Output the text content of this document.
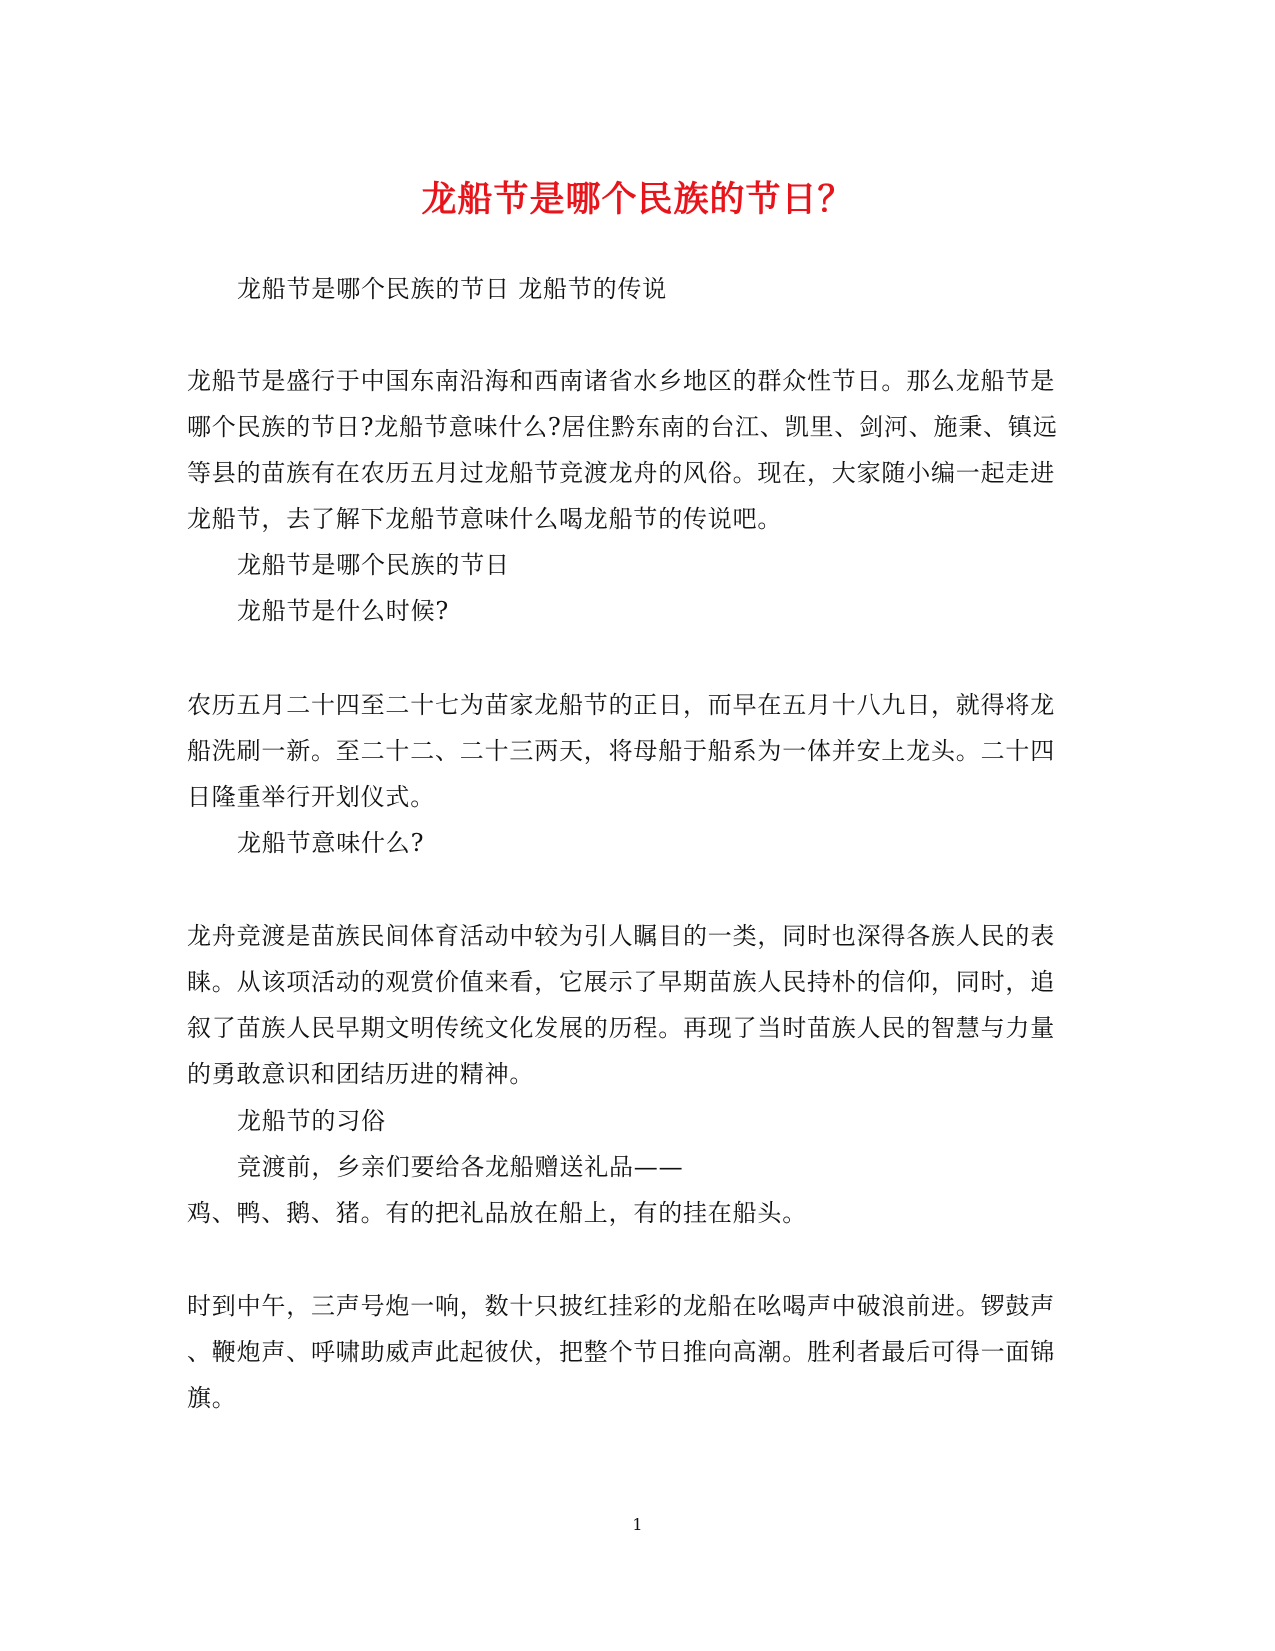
龙船节是哪个民族的节日？
龙船节是哪个民族的节日 龙船节的传说
龙船节是盛行于中国东南沿海和西南诸省水乡地区的群众性节日。那么龙船节是
哪个民族的节日?龙船节意味什么?居住黔东南的台江、凯里、剑河、施秉、镇远
等县的苗族有在农历五月过龙船节竞渡龙舟的风俗。现在，大家随小编一起走进
龙船节，去了解下龙船节意味什么喝龙船节的传说吧。
龙船节是哪个民族的节日
龙船节是什么时候?
农历五月二十四至二十七为苗家龙船节的正日，而早在五月十八九日，就得将龙
船洗刷一新。至二十二、二十三两天，将母船于船系为一体并安上龙头。二十四
日隆重举行开划仪式。
龙船节意味什么?
龙舟竞渡是苗族民间体育活动中较为引人瞩目的一类，同时也深得各族人民的表
睐。从该项活动的观赏价值来看，它展示了早期苗族人民持朴的信仰，同时，追
叙了苗族人民早期文明传统文化发展的历程。再现了当时苗族人民的智慧与力量
的勇敢意识和团结历进的精神。
龙船节的习俗
竞渡前，乡亲们要给各龙船赠送礼品——
鸡、鸭、鹅、猪。有的把礼品放在船上，有的挂在船头。
时到中午，三声号炮一响，数十只披红挂彩的龙船在吆喝声中破浪前进。锣鼓声
、鞭炮声、呼啸助威声此起彼伏，把整个节日推向高潮。胜利者最后可得一面锦
旗。
1
